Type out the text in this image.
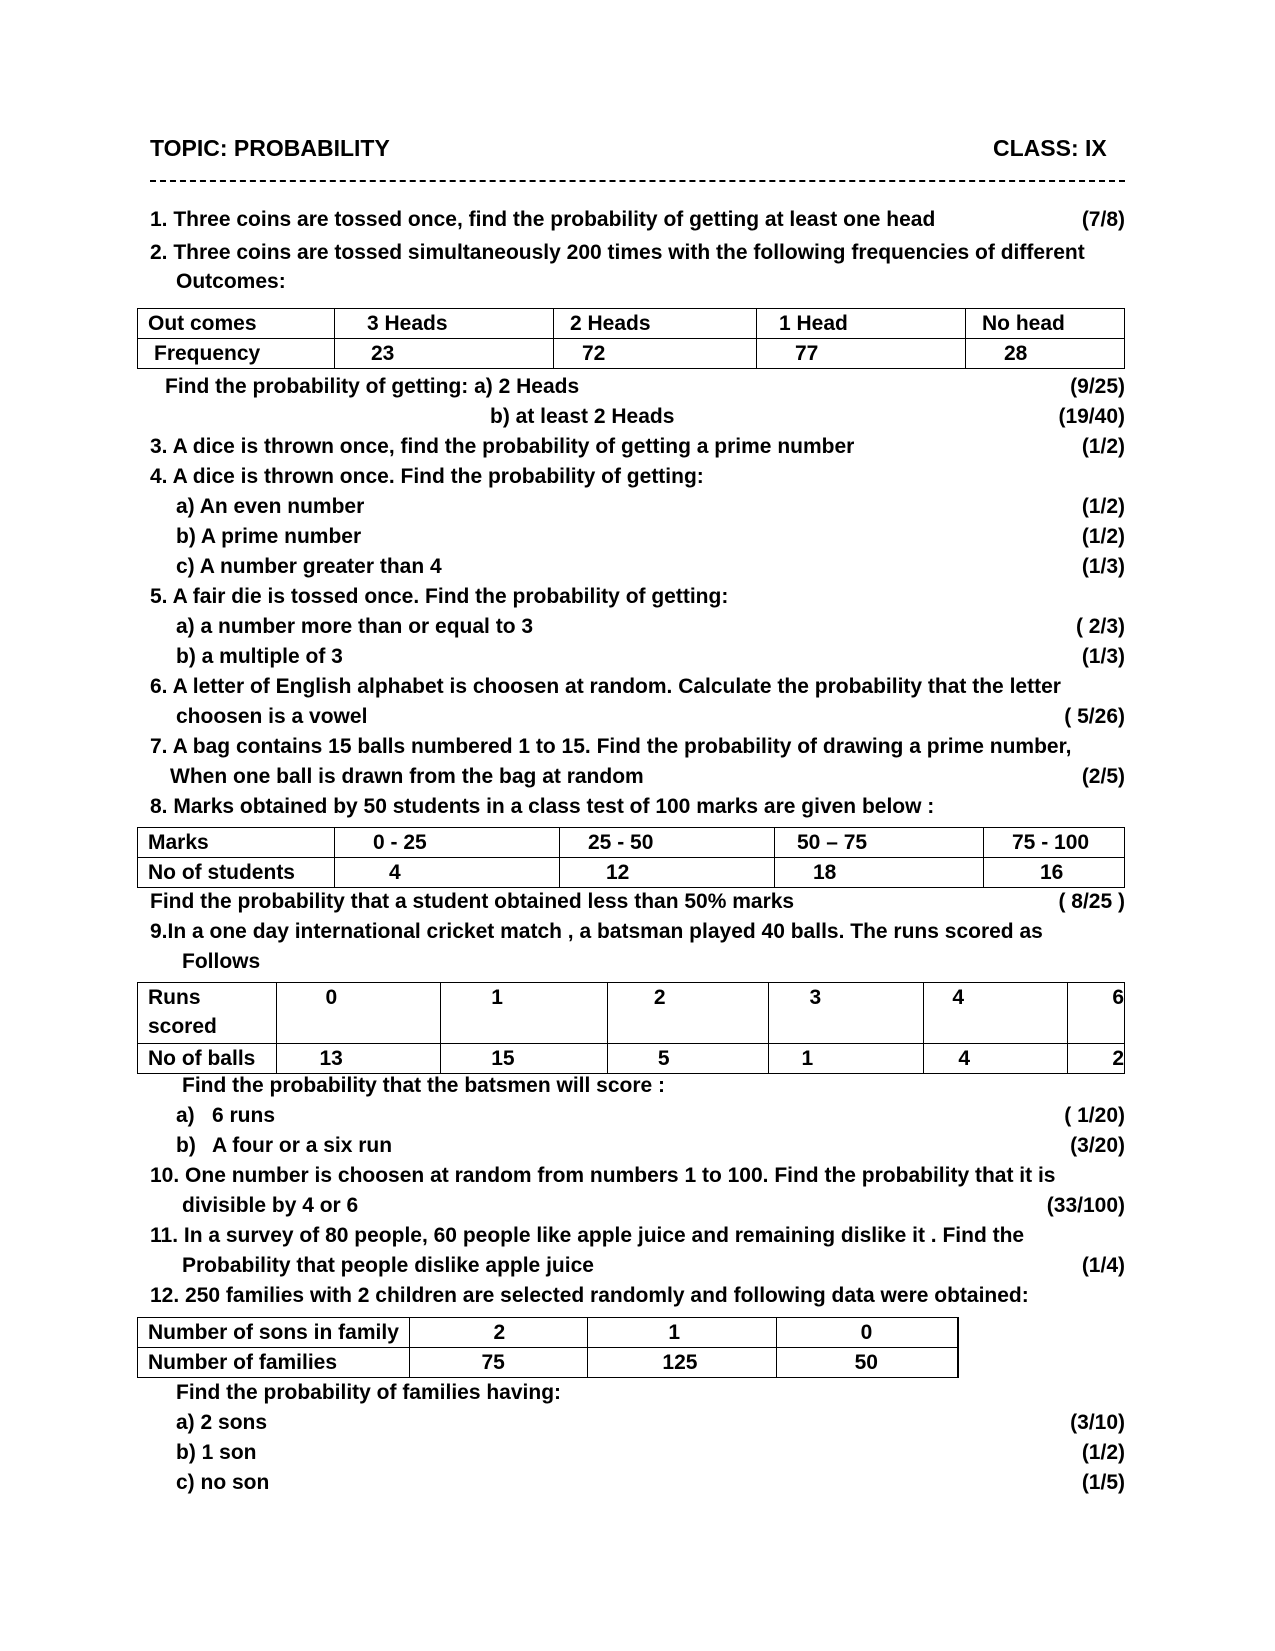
TOPIC: PROBABILITY	CLASS: IX
1. Three coins are tossed once, find the probability of getting at least one head	(7/8)
2. Three coins are tossed simultaneously 200 times with the following frequencies of different
Outcomes:
Out comes	3 Heads	2 Heads	1 Head	No head
Frequency	23	72	77	28
Find the probability of getting: a) 2 Heads	(9/25)
b) at least 2 Heads	(19/40)
3. A dice is thrown once, find the probability of getting a prime number	(1/2)
4. A dice is thrown once. Find the probability of getting:
a) An even number	(1/2)
b) A prime number	(1/2)
c) A number greater than 4	(1/3)
5. A fair die is tossed once. Find the probability of getting:
a) a number more than or equal to 3	( 2/3)
b) a multiple of 3	(1/3)
6. A letter of English alphabet is choosen at random. Calculate the probability that the letter
choosen is a vowel	( 5/26)
7. A bag contains 15 balls numbered 1 to 15. Find the probability of drawing a prime number,
When one ball is drawn from the bag at random	(2/5)
8. Marks obtained by 50 students in a class test of 100 marks are given below :
Marks	0 - 25	25 - 50	50 – 75	75 - 100
No of students	4	12	18	16
Find the probability that a student obtained less than 50% marks	( 8/25 )
9.In a one day international cricket match , a batsman played 40 balls. The runs scored as
Follows
Runs
scored	0	1	2	3	4	6
No of balls	13	15	5	1	4	2
Find the probability that the batsmen will score :
a) 6 runs	( 1/20)
b) A four or a six run	(3/20)
10. One number is choosen at random from numbers 1 to 100. Find the probability that it is
divisible by 4 or 6	(33/100)
11. In a survey of 80 people, 60 people like apple juice and remaining dislike it . Find the
Probability that people dislike apple juice	(1/4)
12. 250 families with 2 children are selected randomly and following data were obtained:
Number of sons in family	2	1	0	
Number of families	75	125	50	
Find the probability of families having:
a) 2 sons	(3/10)
b) 1 son	(1/2)
c) no son	(1/5)
